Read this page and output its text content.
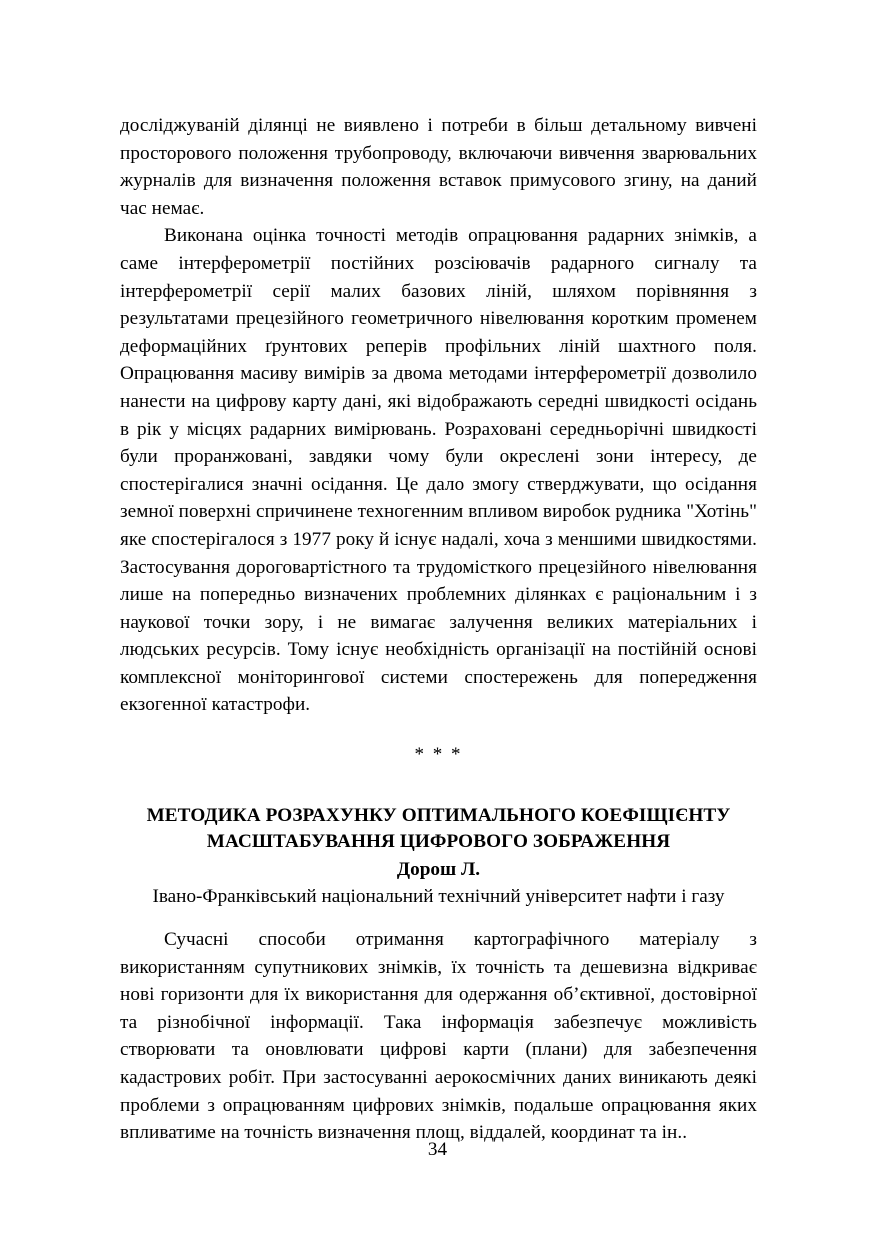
досліджуваній ділянці не виявлено і потреби в більш детальному вивчені просторового положення трубопроводу, включаючи вивчення зварювальних журналів для визначення положення вставок примусового згину, на даний час немає.

Виконана оцінка точності методів опрацювання радарних знімків, а саме інтерферометрії постійних розсіювачів радарного сигналу та інтерферометрії серії малих базових ліній, шляхом порівняння з результатами прецезійного геометричного нівелювання коротким променем деформаційних ґрунтових реперів профільних ліній шахтного поля. Опрацювання масиву вимірів за двома методами інтерферометрії дозволило нанести на цифрову карту дані, які відображають середні швидкості осідань в рік у місцях радарних вимірювань. Розраховані середньорічні швидкості були проранжовані, завдяки чому були окреслені зони інтересу, де спостерігалися значні осідання. Це дало змогу стверджувати, що осідання земної поверхні спричинене техногенним впливом виробок рудника "Хотінь" яке спостерігалося з 1977 року й існує надалі, хоча з меншими швидкостями. Застосування дороговартістного та трудомісткого прецезійного нівелювання лише на попередньо визначених проблемних ділянках є раціональним і з наукової точки зору, і не вимагає залучення великих матеріальних і людських ресурсів. Тому існує необхідність організації на постійній основі комплексної моніторингової системи спостережень для попередження екзогенної катастрофи.

* * *
МЕТОДИКА РОЗРАХУНКУ ОПТИМАЛЬНОГО КОЕФІЩІЄНТУ
МАСШТАБУВАННЯ ЦИФРОВОГО ЗОБРАЖЕННЯ
Дорош Л.
Івано-Франківський національний технічний університет нафти і газу

Сучасні способи отримання картографічного матеріалу з використанням супутникових знімків, їх точність та дешевизна відкриває нові горизонти для їх використання для одержання об’єктивної, достовірної та різнобічної інформації. Така інформація забезпечує можливість створювати та оновлювати цифрові карти (плани) для забезпечення кадастрових робіт. При застосуванні аерокосмічних даних виникають деякі проблеми з опрацюванням цифрових знімків, подальше опрацювання яких впливатиме на точність визначення площ, віддалей, координат та ін..

34
